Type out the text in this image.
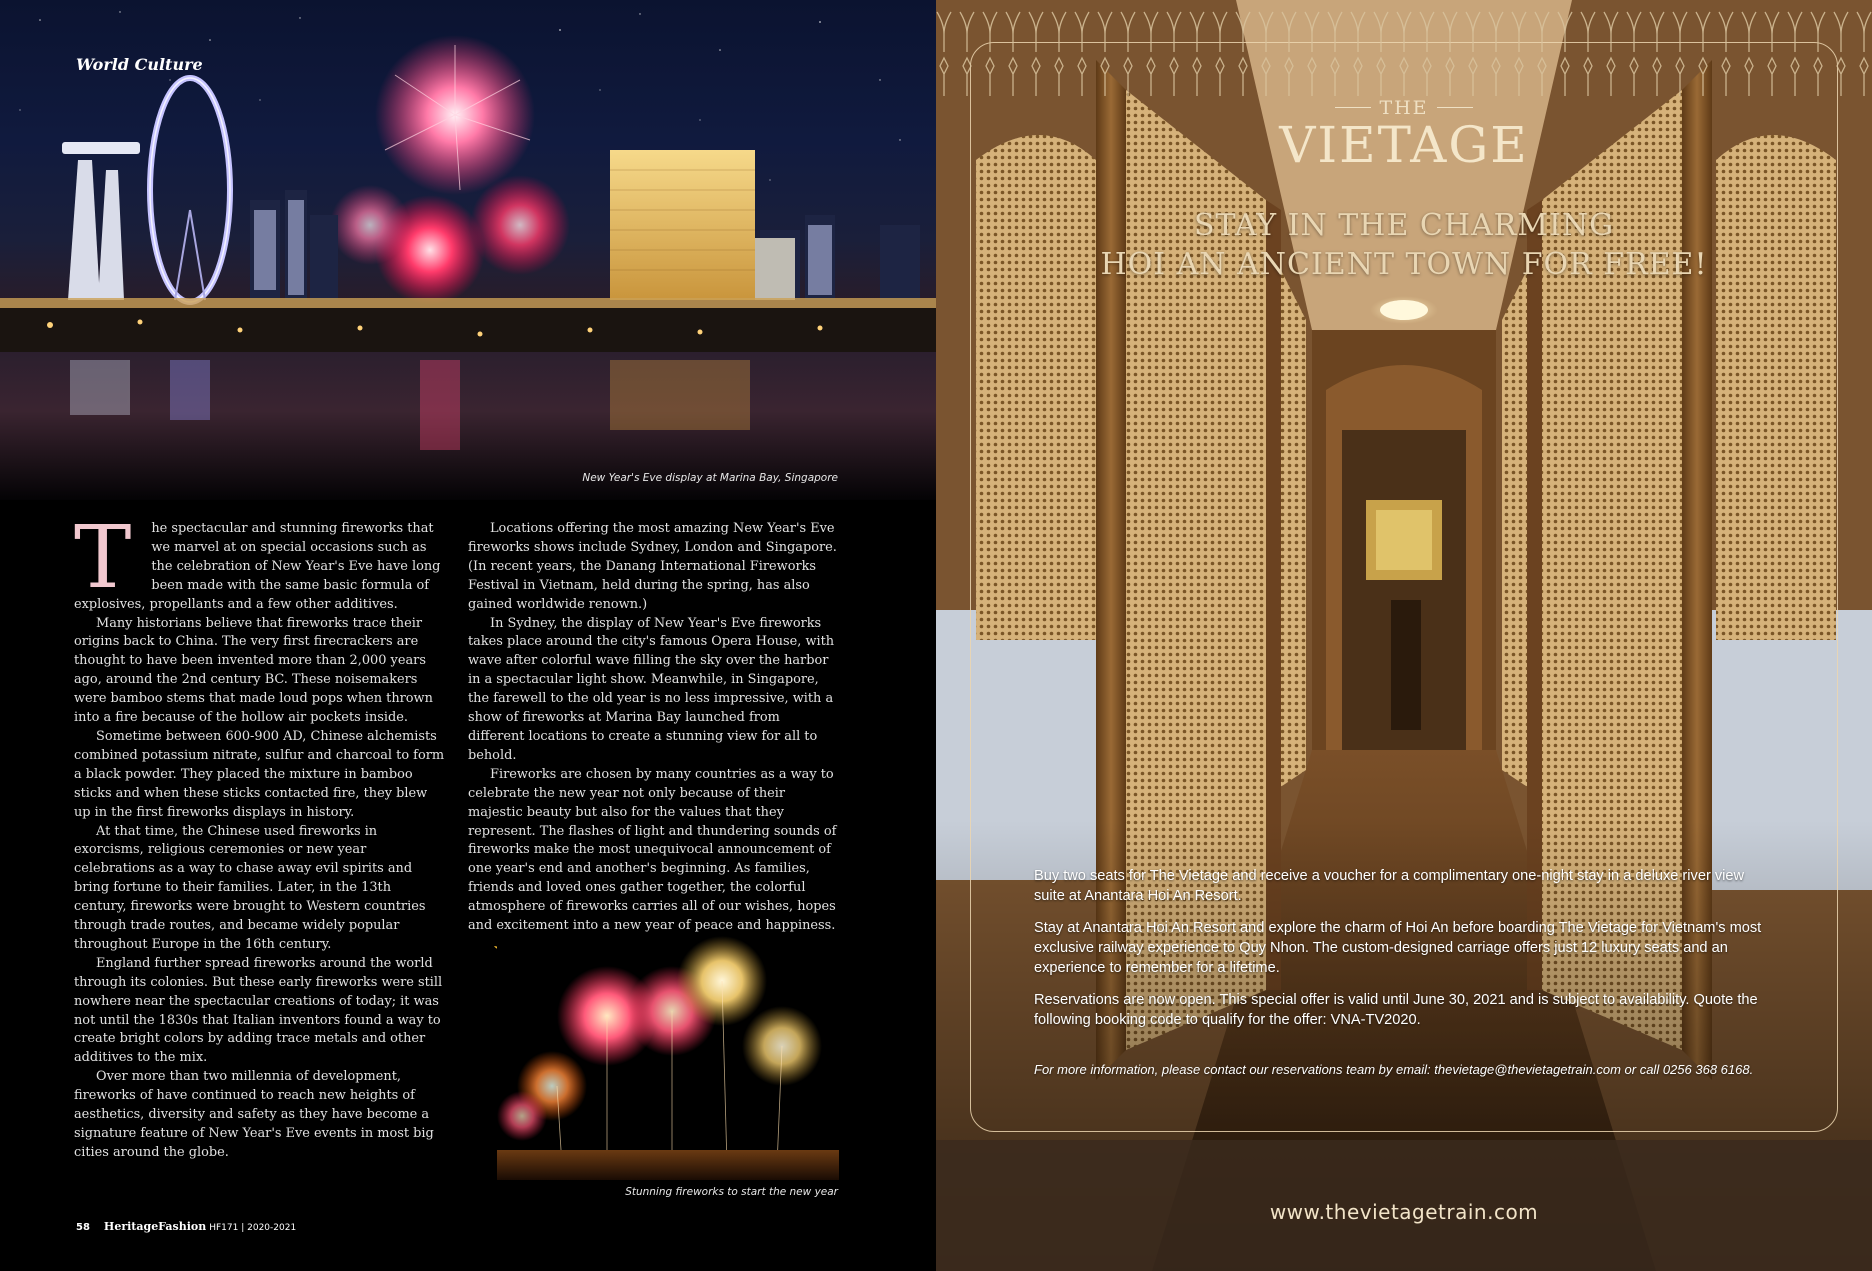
World Culture
New Year's Eve display at Marina Bay, Singapore

T he spectacular and stunning fireworks that we marvel at on special occasions such as the celebration of New Year's Eve have long been made with the same basic formula of explosives, propellants and a few other additives.

Many historians believe that fireworks trace their origins back to China. The very first firecrackers are thought to have been invented more than 2,000 years ago, around the 2nd century BC. These noisemakers were bamboo stems that made loud pops when thrown into a fire because of the hollow air pockets inside.

Sometime between 600-900 AD, Chinese alchemists combined potassium nitrate, sulfur and charcoal to form a black powder. They placed the mixture in bamboo sticks and when these sticks contacted fire, they blew up in the first fireworks displays in history.

At that time, the Chinese used fireworks in exorcisms, religious ceremonies or new year celebrations as a way to chase away evil spirits and bring fortune to their families. Later, in the 13th century, fireworks were brought to Western countries through trade routes, and became widely popular throughout Europe in the 16th century.

England further spread fireworks around the world through its colonies. But these early fireworks were still nowhere near the spectacular creations of today; it was not until the 1830s that Italian inventors found a way to create bright colors by adding trace metals and other additives to the mix.

Over more than two millennia of development, fireworks of have continued to reach new heights of aesthetics, diversity and safety as they have become a signature feature of New Year's Eve events in most big cities around the globe.

Locations offering the most amazing New Year's Eve fireworks shows include Sydney, London and Singapore. (In recent years, the Danang International Fireworks Festival in Vietnam, held during the spring, has also gained worldwide renown.)

In Sydney, the display of New Year's Eve fireworks takes place around the city's famous Opera House, with wave after colorful wave filling the sky over the harbor in a spectacular light show. Meanwhile, in Singapore, the farewell to the old year is no less impressive, with a show of fireworks at Marina Bay launched from different locations to create a stunning view for all to behold.

Fireworks are chosen by many countries as a way to celebrate the new year not only because of their majestic beauty but also for the values that they represent. The flashes of light and thundering sounds of fireworks make the most unequivocal announcement of one year's end and another's beginning. As families, friends and loved ones gather together, the colorful atmosphere of fireworks carries all of our wishes, hopes and excitement into a new year of peace and happiness.

Stunning fireworks to start the new year
58 HeritageFashion HF171 | 2020-2021
THE
VIETAGE
STAY IN THE CHARMING
HOI AN ANCIENT TOWN FOR FREE!
Buy two seats for The Vietage and receive a voucher for a complimentary one-night stay in a deluxe river view suite at Anantara Hoi An Resort.
Stay at Anantara Hoi An Resort and explore the charm of Hoi An before boarding The Vietage for Vietnam's most exclusive railway experience to Quy Nhon. The custom-designed carriage offers just 12 luxury seats and an experience to remember for a lifetime.
Reservations are now open. This special offer is valid until June 30, 2021 and is subject to availability. Quote the following booking code to qualify for the offer: VNA-TV2020.
For more information, please contact our reservations team by email: thevietage@thevietagetrain.com or call 0256 368 6168.
www.thevietagetrain.com
